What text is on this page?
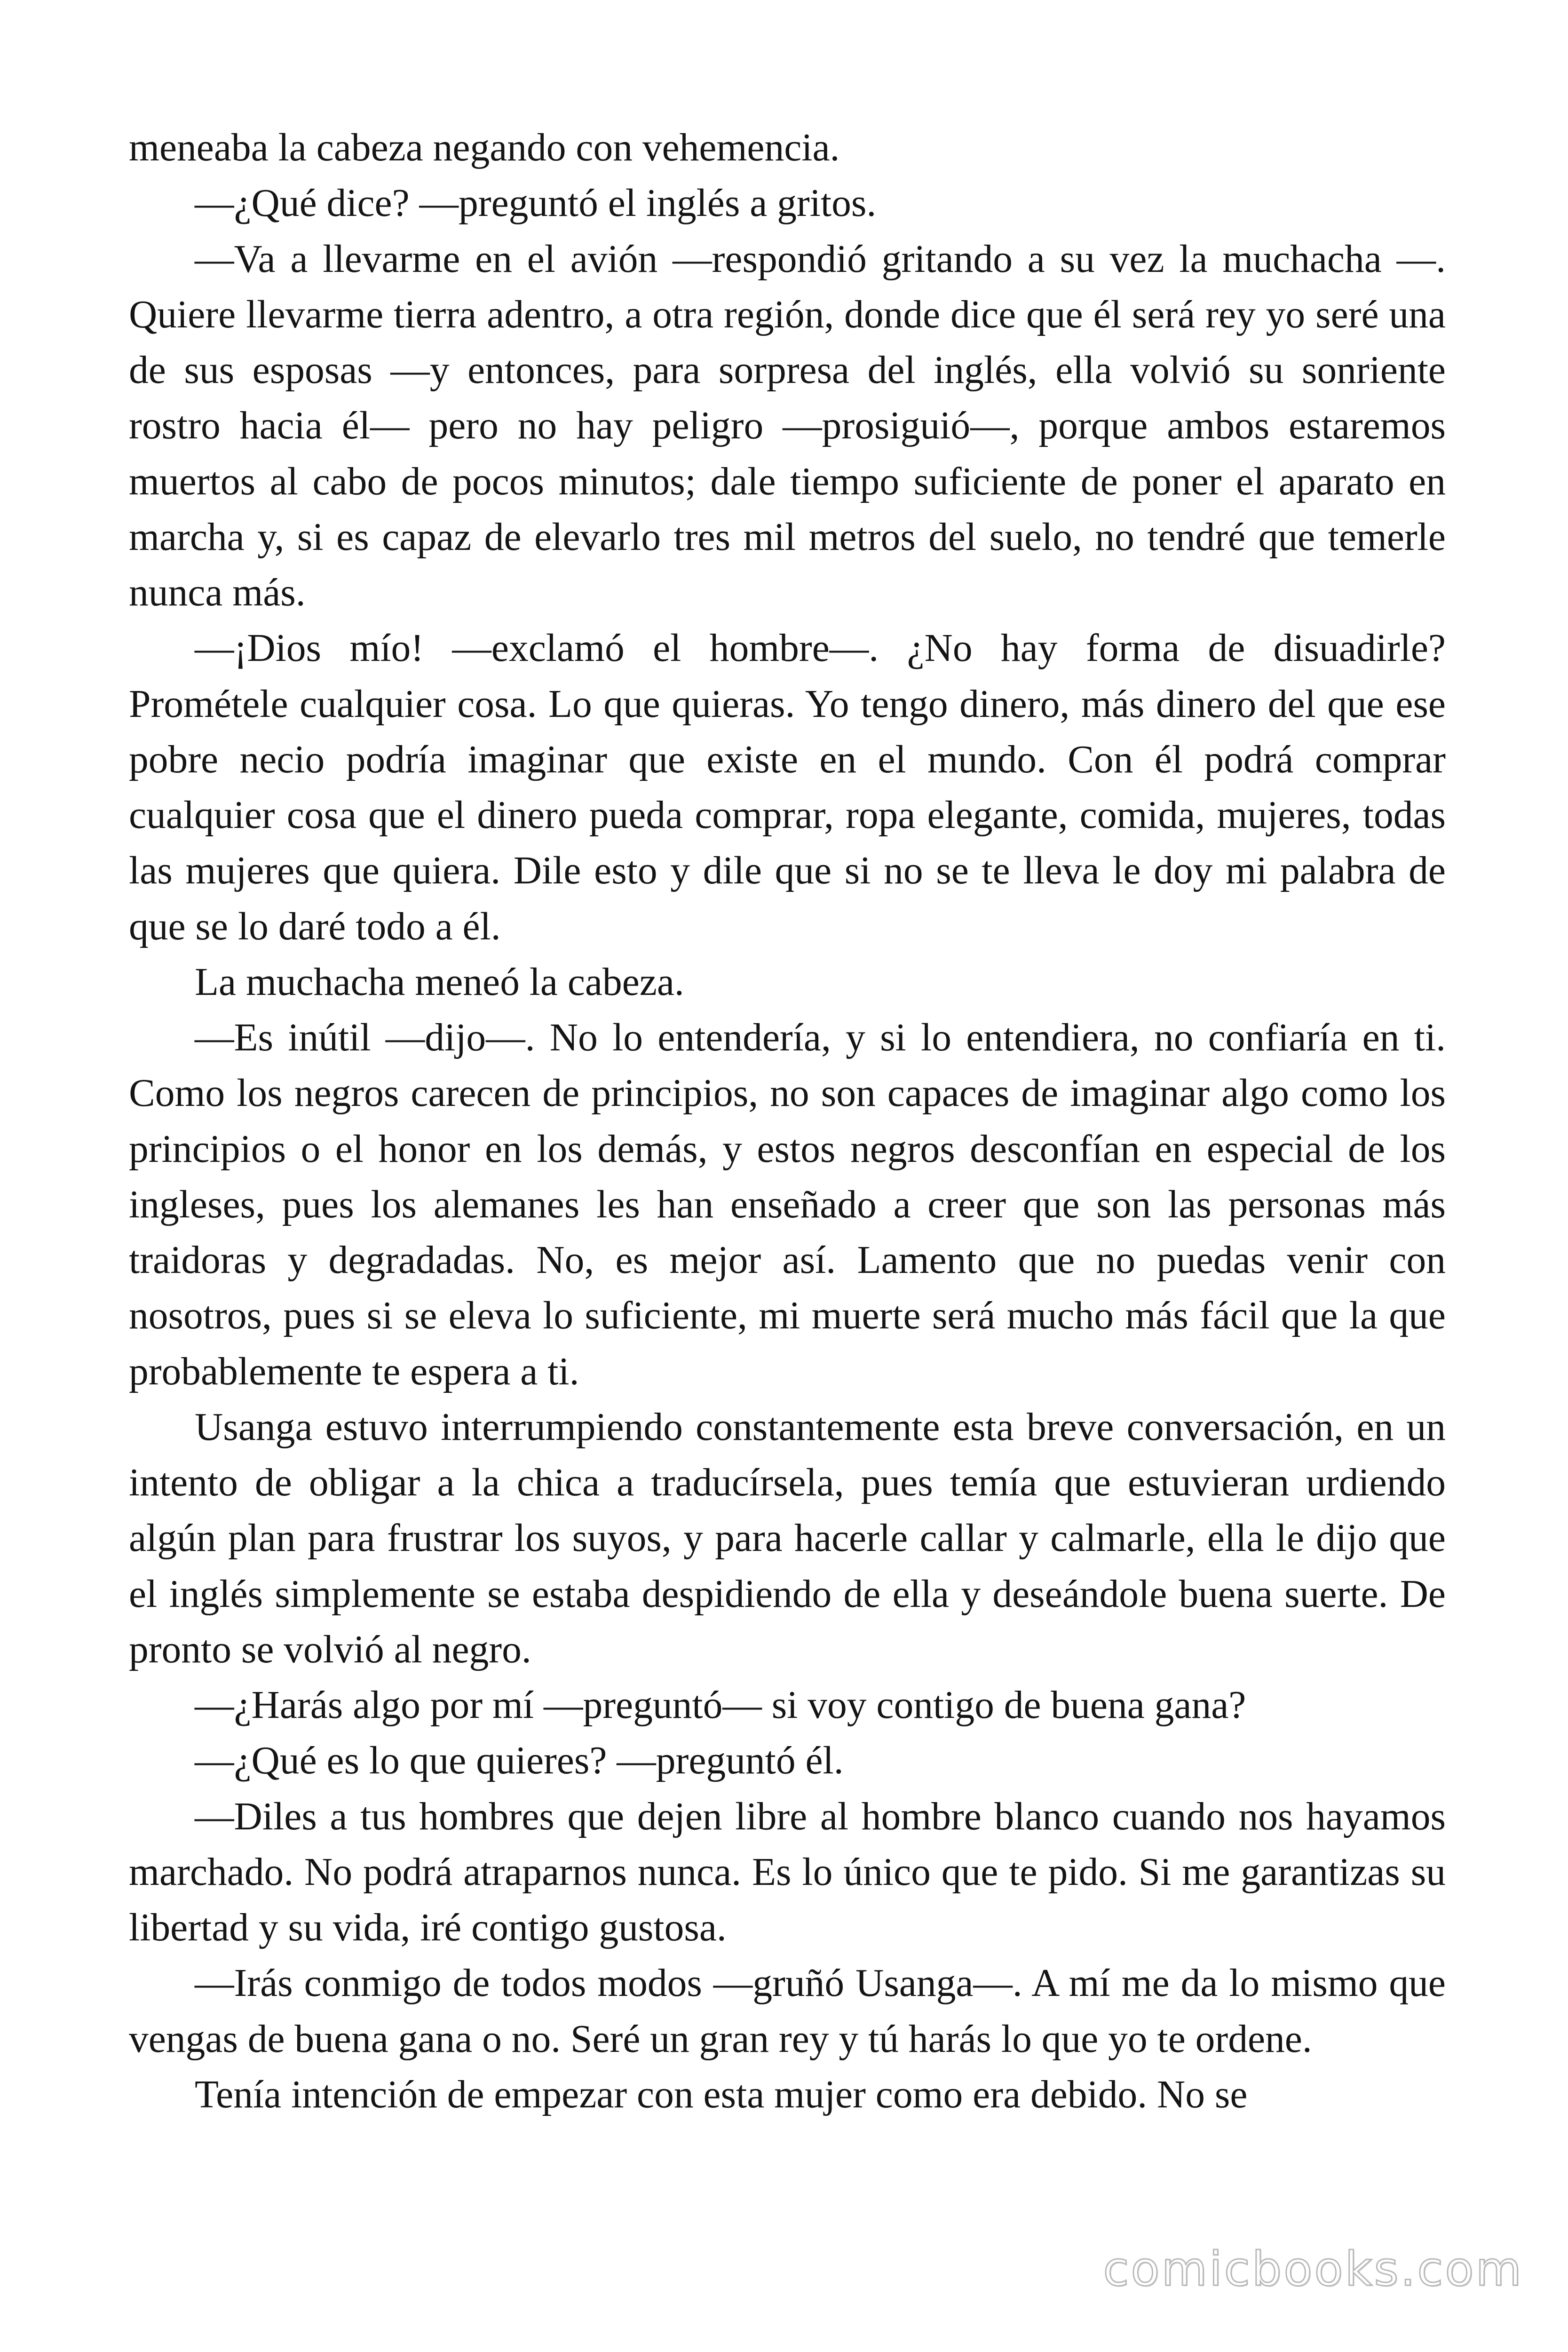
meneaba la cabeza negando con vehemencia.

—¿Qué dice? —preguntó el inglés a gritos.

—Va a llevarme en el avión —respondió gritando a su vez la muchacha —. Quiere llevarme tierra adentro, a otra región, donde dice que él será rey yo seré una de sus esposas —y entonces, para sorpresa del inglés, ella volvió su sonriente rostro hacia él— pero no hay peligro —prosiguió—, porque ambos estaremos muertos al cabo de pocos minutos; dale tiempo suficiente de poner el aparato en marcha y, si es capaz de elevarlo tres mil metros del suelo, no tendré que temerle nunca más.

—¡Dios mío! —exclamó el hombre—. ¿No hay forma de disuadirle? Prométele cualquier cosa. Lo que quieras. Yo tengo dinero, más dinero del que ese pobre necio podría imaginar que existe en el mundo. Con él podrá comprar cualquier cosa que el dinero pueda comprar, ropa elegante, comida, mujeres, todas las mujeres que quiera. Dile esto y dile que si no se te lleva le doy mi palabra de que se lo daré todo a él.

La muchacha meneó la cabeza.

—Es inútil —dijo—. No lo entendería, y si lo entendiera, no confiaría en ti. Como los negros carecen de principios, no son capaces de imaginar algo como los principios o el honor en los demás, y estos negros desconfían en especial de los ingleses, pues los alemanes les han enseñado a creer que son las personas más traidoras y degradadas. No, es mejor así. Lamento que no puedas venir con nosotros, pues si se eleva lo suficiente, mi muerte será mucho más fácil que la que probablemente te espera a ti.

Usanga estuvo interrumpiendo constantemente esta breve conversación, en un intento de obligar a la chica a traducírsela, pues temía que estuvieran urdiendo algún plan para frustrar los suyos, y para hacerle callar y calmarle, ella le dijo que el inglés simplemente se estaba despidiendo de ella y deseándole buena suerte. De pronto se volvió al negro.

—¿Harás algo por mí —preguntó— si voy contigo de buena gana?

—¿Qué es lo que quieres? —preguntó él.

—Diles a tus hombres que dejen libre al hombre blanco cuando nos hayamos marchado. No podrá atraparnos nunca. Es lo único que te pido. Si me garantizas su libertad y su vida, iré contigo gustosa.

—Irás conmigo de todos modos —gruñó Usanga—. A mí me da lo mismo que vengas de buena gana o no. Seré un gran rey y tú harás lo que yo te ordene.

Tenía intención de empezar con esta mujer como era debido. No se

comicbooks.com
